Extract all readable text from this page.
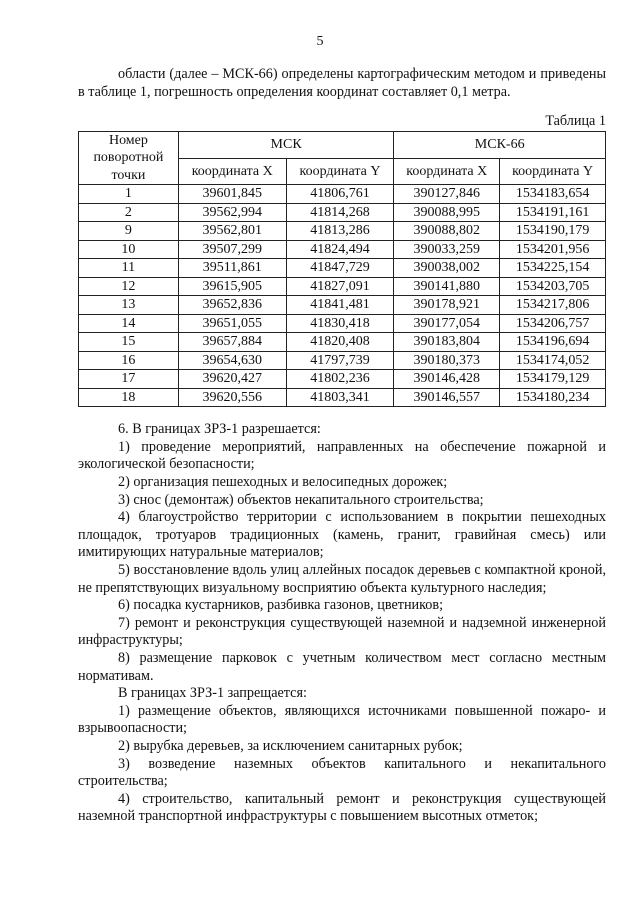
5

области (далее – МСК-66) определены картографическим методом и приведены в таблице 1, погрешность определения координат составляет 0,1 метра.

Таблица 1

Номер поворотной точки	МСК		МСК-66	
	координата X	координата Y	координата X	координата Y
1	39601,845	41806,761	390127,846	1534183,654
2	39562,994	41814,268	390088,995	1534191,161
9	39562,801	41813,286	390088,802	1534190,179
10	39507,299	41824,494	390033,259	1534201,956
11	39511,861	41847,729	390038,002	1534225,154
12	39615,905	41827,091	390141,880	1534203,705
13	39652,836	41841,481	390178,921	1534217,806
14	39651,055	41830,418	390177,054	1534206,757
15	39657,884	41820,408	390183,804	1534196,694
16	39654,630	41797,739	390180,373	1534174,052
17	39620,427	41802,236	390146,428	1534179,129
18	39620,556	41803,341	390146,557	1534180,234

6. В границах ЗРЗ-1 разрешается:

1) проведение мероприятий, направленных на обеспечение пожарной и экологической безопасности;

2) организация пешеходных и велосипедных дорожек;

3) снос (демонтаж) объектов некапитального строительства;

4) благоустройство территории с использованием в покрытии пешеходных площадок, тротуаров традиционных (камень, гранит, гравийная смесь) или имитирующих натуральные материалов;

5) восстановление вдоль улиц аллейных посадок деревьев с компактной кроной, не препятствующих визуальному восприятию объекта культурного наследия;

6) посадка кустарников, разбивка газонов, цветников;

7) ремонт и реконструкция существующей наземной и надземной инженерной инфраструктуры;

8) размещение парковок с учетным количеством мест согласно местным нормативам.

В границах ЗРЗ-1 запрещается:

1) размещение объектов, являющихся источниками повышенной пожаро- и взрывоопасности;

2) вырубка деревьев, за исключением санитарных рубок;

3) возведение наземных объектов капитального и некапитального строительства;

4) строительство, капитальный ремонт и реконструкция существующей наземной транспортной инфраструктуры с повышением высотных отметок;
